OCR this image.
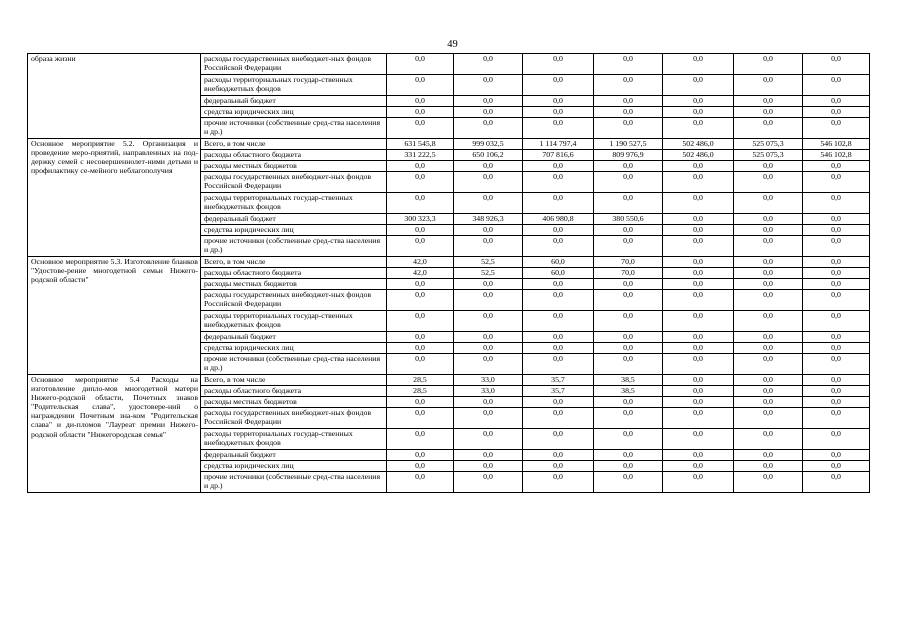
49
образа жизни	расходы государственных внебюджет-ных фондов Российской Федерации	0,0	0,0	0,0	0,0	0,0	0,0	0,0
	расходы территориальных государ-ственных внебюджетных фондов	0,0	0,0	0,0	0,0	0,0	0,0	0,0
	федеральный бюджет	0,0	0,0	0,0	0,0	0,0	0,0	0,0
	средства юридических лиц	0,0	0,0	0,0	0,0	0,0	0,0	0,0
	прочие источники (собственные сред-ства населения и др.)	0,0	0,0	0,0	0,0	0,0	0,0	0,0
Основное мероприятие 5.2. Организация и проведение меро-приятий, направленных на под-держку семей с несовершеннолет-ними детьми и профилактику се-мейного неблагополучия	Всего, в том числе	631 545,8	999 032,5	1 114 797,4	1 190 527,5	502 486,0	525 075,3	546 102,8
	расходы областного бюджета	331 222,5	650 106,2	707 816,6	809 976,9	502 486,0	525 075,3	546 102,8
	расходы местных бюджетов	0,0	0,0	0,0	0,0	0,0	0,0	0,0
	расходы государственных внебюджет-ных фондов Российской Федерации	0,0	0,0	0,0	0,0	0,0	0,0	0,0
	расходы территориальных государ-ственных внебюджетных фондов	0,0	0,0	0,0	0,0	0,0	0,0	0,0
	федеральный бюджет	300 323,3	348 926,3	406 980,8	380 550,6	0,0	0,0	0,0
	средства юридических лиц	0,0	0,0	0,0	0,0	0,0	0,0	0,0
	прочие источники (собственные сред-ства населения и др.)	0,0	0,0	0,0	0,0	0,0	0,0	0,0
Основное мероприятие 5.3. Изготовление бланков "Удостове-рение многодетной семьи Нижего-родской области"	Всего, в том числе	42,0	52,5	60,0	70,0	0,0	0,0	0,0
	расходы областного бюджета	42,0	52,5	60,0	70,0	0,0	0,0	0,0
	расходы местных бюджетов	0,0	0,0	0,0	0,0	0,0	0,0	0,0
	расходы государственных внебюджет-ных фондов Российской Федерации	0,0	0,0	0,0	0,0	0,0	0,0	0,0
	расходы территориальных государ-ственных внебюджетных фондов	0,0	0,0	0,0	0,0	0,0	0,0	0,0
	федеральный бюджет	0,0	0,0	0,0	0,0	0,0	0,0	0,0
	средства юридических лиц	0,0	0,0	0,0	0,0	0,0	0,0	0,0
	прочие источники (собственные сред-ства населения и др.)	0,0	0,0	0,0	0,0	0,0	0,0	0,0
Основное мероприятие 5.4 Расходы на изготовление дипло-мов многодетной матери Нижего-родской области, Почетных знаков "Родительская слава", удостовере-ний о награждении Почетным зна-ком "Родительская слава" и ди-пломов "Лауреат премии Нижего-родской области "Нижегородская семья"	Всего, в том числе	28,5	33,0	35,7	38,5	0,0	0,0	0,0
	расходы областного бюджета	28,5	33,0	35,7	38,5	0,0	0,0	0,0
	расходы местных бюджетов	0,0	0,0	0,0	0,0	0,0	0,0	0,0
	расходы государственных внебюджет-ных фондов Российской Федерации	0,0	0,0	0,0	0,0	0,0	0,0	0,0
	расходы территориальных государ-ственных внебюджетных фондов	0,0	0,0	0,0	0,0	0,0	0,0	0,0
	федеральный бюджет	0,0	0,0	0,0	0,0	0,0	0,0	0,0
	средства юридических лиц	0,0	0,0	0,0	0,0	0,0	0,0	0,0
	прочие источники (собственные сред-ства населения и др.)	0,0	0,0	0,0	0,0	0,0	0,0	0,0
